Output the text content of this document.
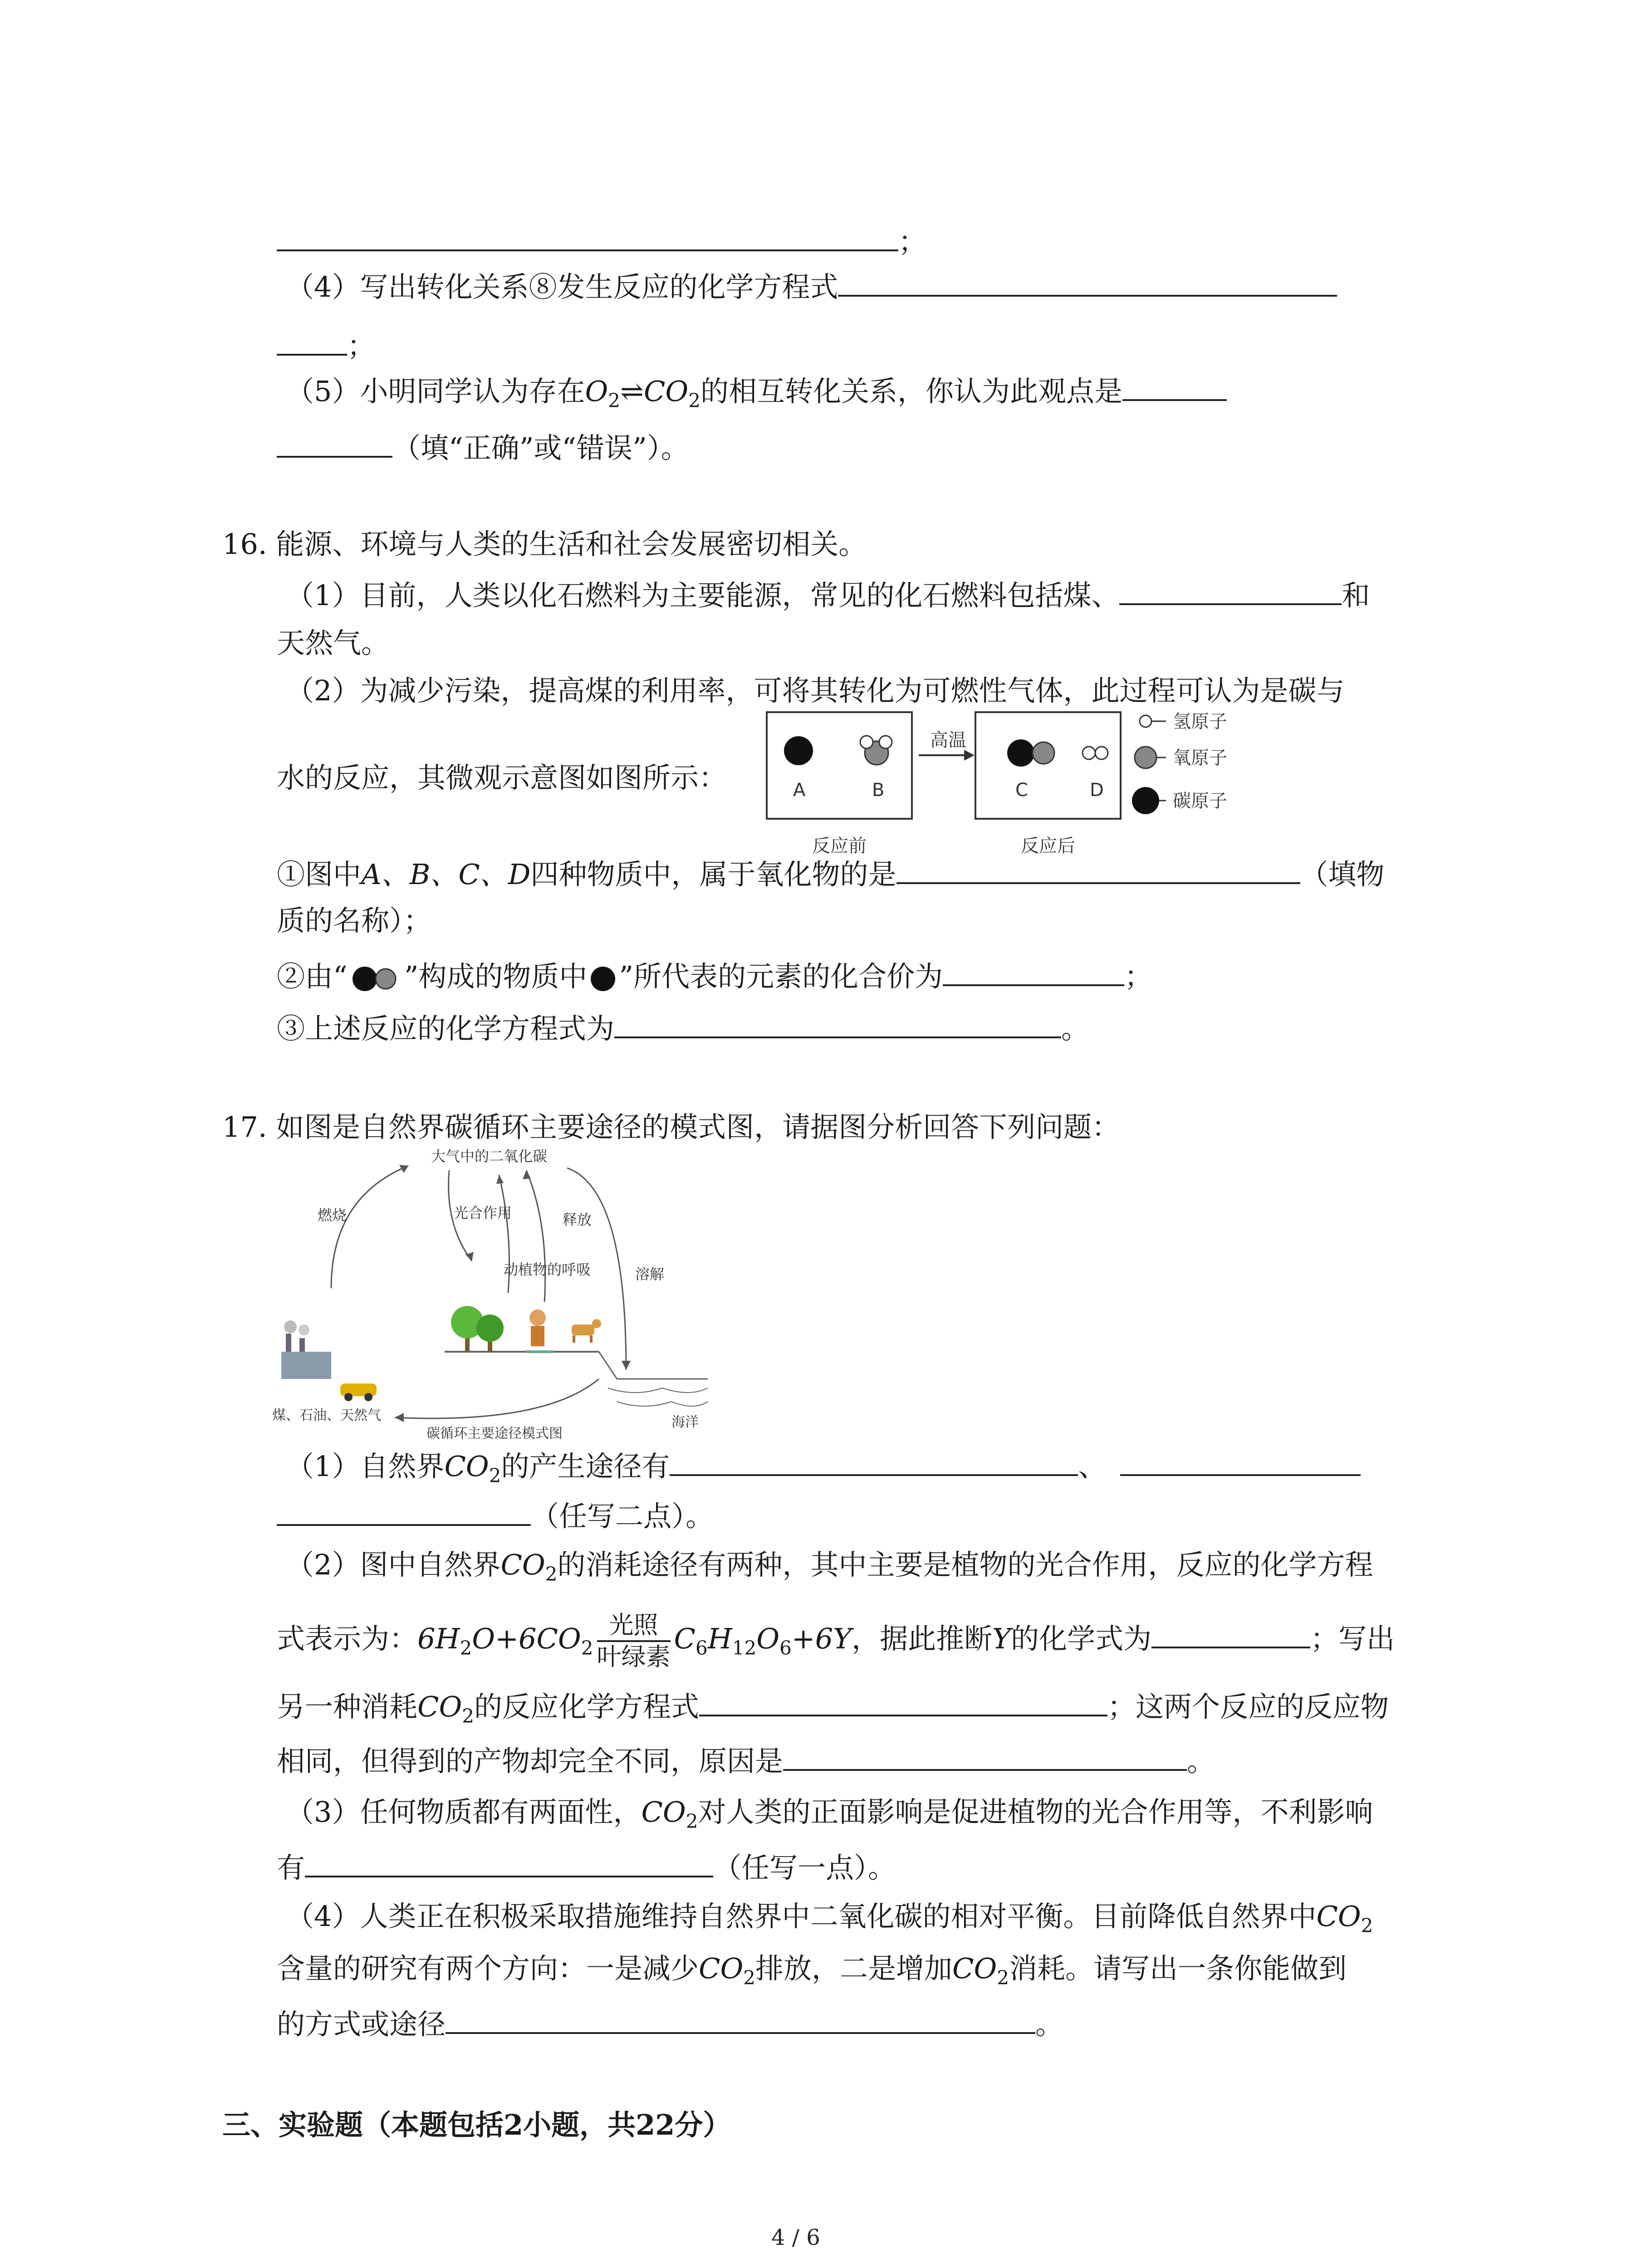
；
（4）写出转化关系⑧发生反应的化学方程式
；
（5）小明同学认为存在$O_2\rightleftharpoons CO_2$的相互转化关系，你认为此观点是
（填“正确”或“错误”）。
16. 能源、环境与人类的生活和社会发展密切相关。
（1）目前，人类以化石燃料为主要能源，常见的化石燃料包括煤、	和
天然气。
（2）为减少污染，提高煤的利用率，可将其转化为可燃性气体，此过程可认为是碳与
水的反应，其微观示意图如图所示：	A	B
高温
C	D
反应前	反应后
氢原子
氧原子
碳原子
①图中A、B、C、D四种物质中，属于氧化物的是	（填物
质的名称）；
②由“ ”构成的物质中 ”所代表的元素的化合价为	；
③上述反应的化学方程式为	。
17. 如图是自然界碳循环主要途径的模式图，请据图分析回答下列问题：
大气中的二氧化碳
燃烧	光合作用	释放
动植物的呼吸	溶解
海洋
煤、石油、天然气
碳循环主要途径模式图
（1）自然界$CO_2$的产生途径有	、
（任写二点）。
（2）图中自然界$CO_2$的消耗途径有两种，其中主要是植物的光合作用，反应的化学方程
式表示为：$6H_2O+6CO_2 \frac{\text{光照}}{\text{叶绿素}} C_6H_{12}O_6+6Y$，据此推断Y的化学式为	；写出
另一种消耗$CO_2$的反应化学方程式	；这两个反应的反应物
相同，但得到的产物却完全不同，原因是	。
（3）任何物质都有两面性，$CO_2$对人类的正面影响是促进植物的光合作用等，不利影响
有	（任写一点）。
（4）人类正在积极采取措施维持自然界中二氧化碳的相对平衡。目前降低自然界中$CO_2$
含量的研究有两个方向：一是减少$CO_2$排放，二是增加$CO_2$消耗。请写出一条你能做到
的方式或途径	。
三、实验题（本题包括2小题，共22分）
4 / 6
